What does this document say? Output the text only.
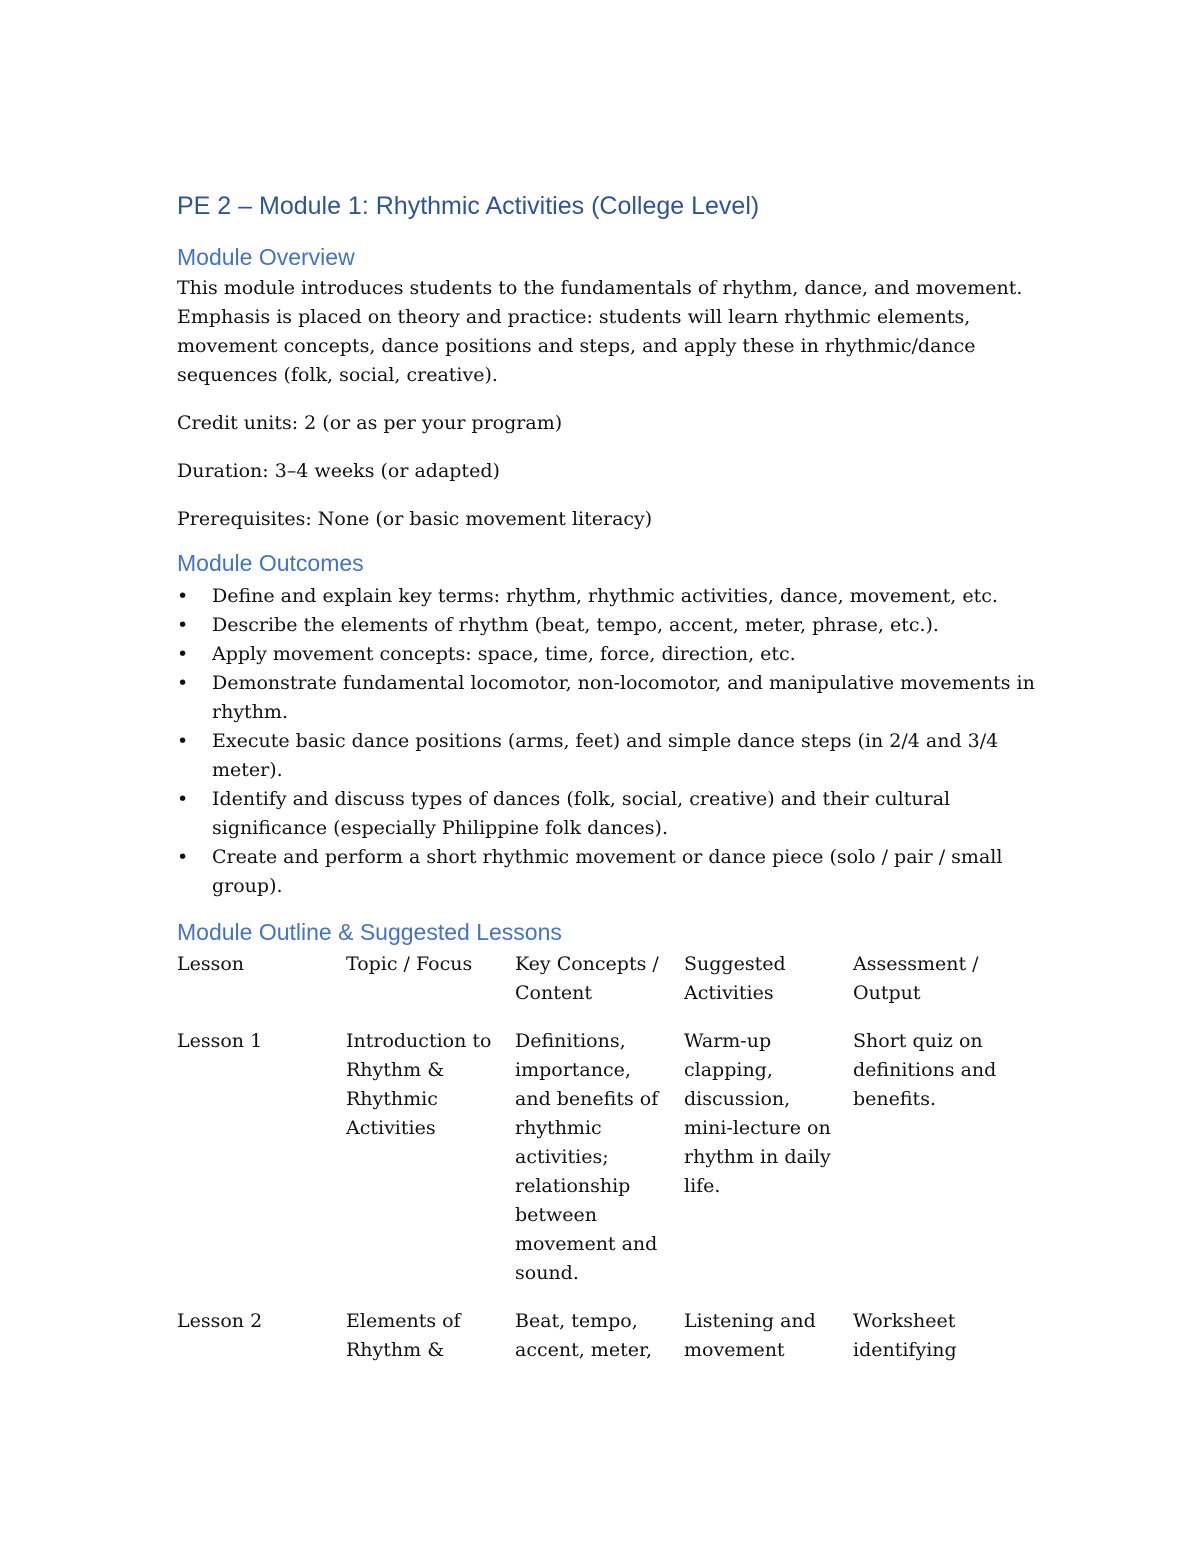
PE 2 – Module 1: Rhythmic Activities (College Level)
Module Overview

This module introduces students to the fundamentals of rhythm, dance, and movement. Emphasis is placed on theory and practice: students will learn rhythmic elements, movement concepts, dance positions and steps, and apply these in rhythmic/dance sequences (folk, social, creative).

Credit units: 2 (or as per your program)

Duration: 3–4 weeks (or adapted)

Prerequisites: None (or basic movement literacy)

Module Outcomes
• Define and explain key terms: rhythm, rhythmic activities, dance, movement, etc.
• Describe the elements of rhythm (beat, tempo, accent, meter, phrase, etc.).
• Apply movement concepts: space, time, force, direction, etc.
• Demonstrate fundamental locomotor, non-locomotor, and manipulative movements in rhythm.
• Execute basic dance positions (arms, feet) and simple dance steps (in 2/4 and 3/4 meter).
• Identify and discuss types of dances (folk, social, creative) and their cultural significance (especially Philippine folk dances).
• Create and perform a short rhythmic movement or dance piece (solo / pair / small group).
Module Outline & Suggested Lessons
Lesson	Topic / Focus	Key Concepts / Content	Suggested Activities	Assessment / Output
Lesson 1	Introduction to Rhythm & Rhythmic Activities	Definitions, importance, and benefits of rhythmic activities; relationship between movement and sound.	Warm-up clapping, discussion, mini-lecture on rhythm in daily life.	Short quiz on definitions and benefits.
Lesson 2	Elements of Rhythm &	Beat, tempo, accent, meter,	Listening and movement	Worksheet identifying
